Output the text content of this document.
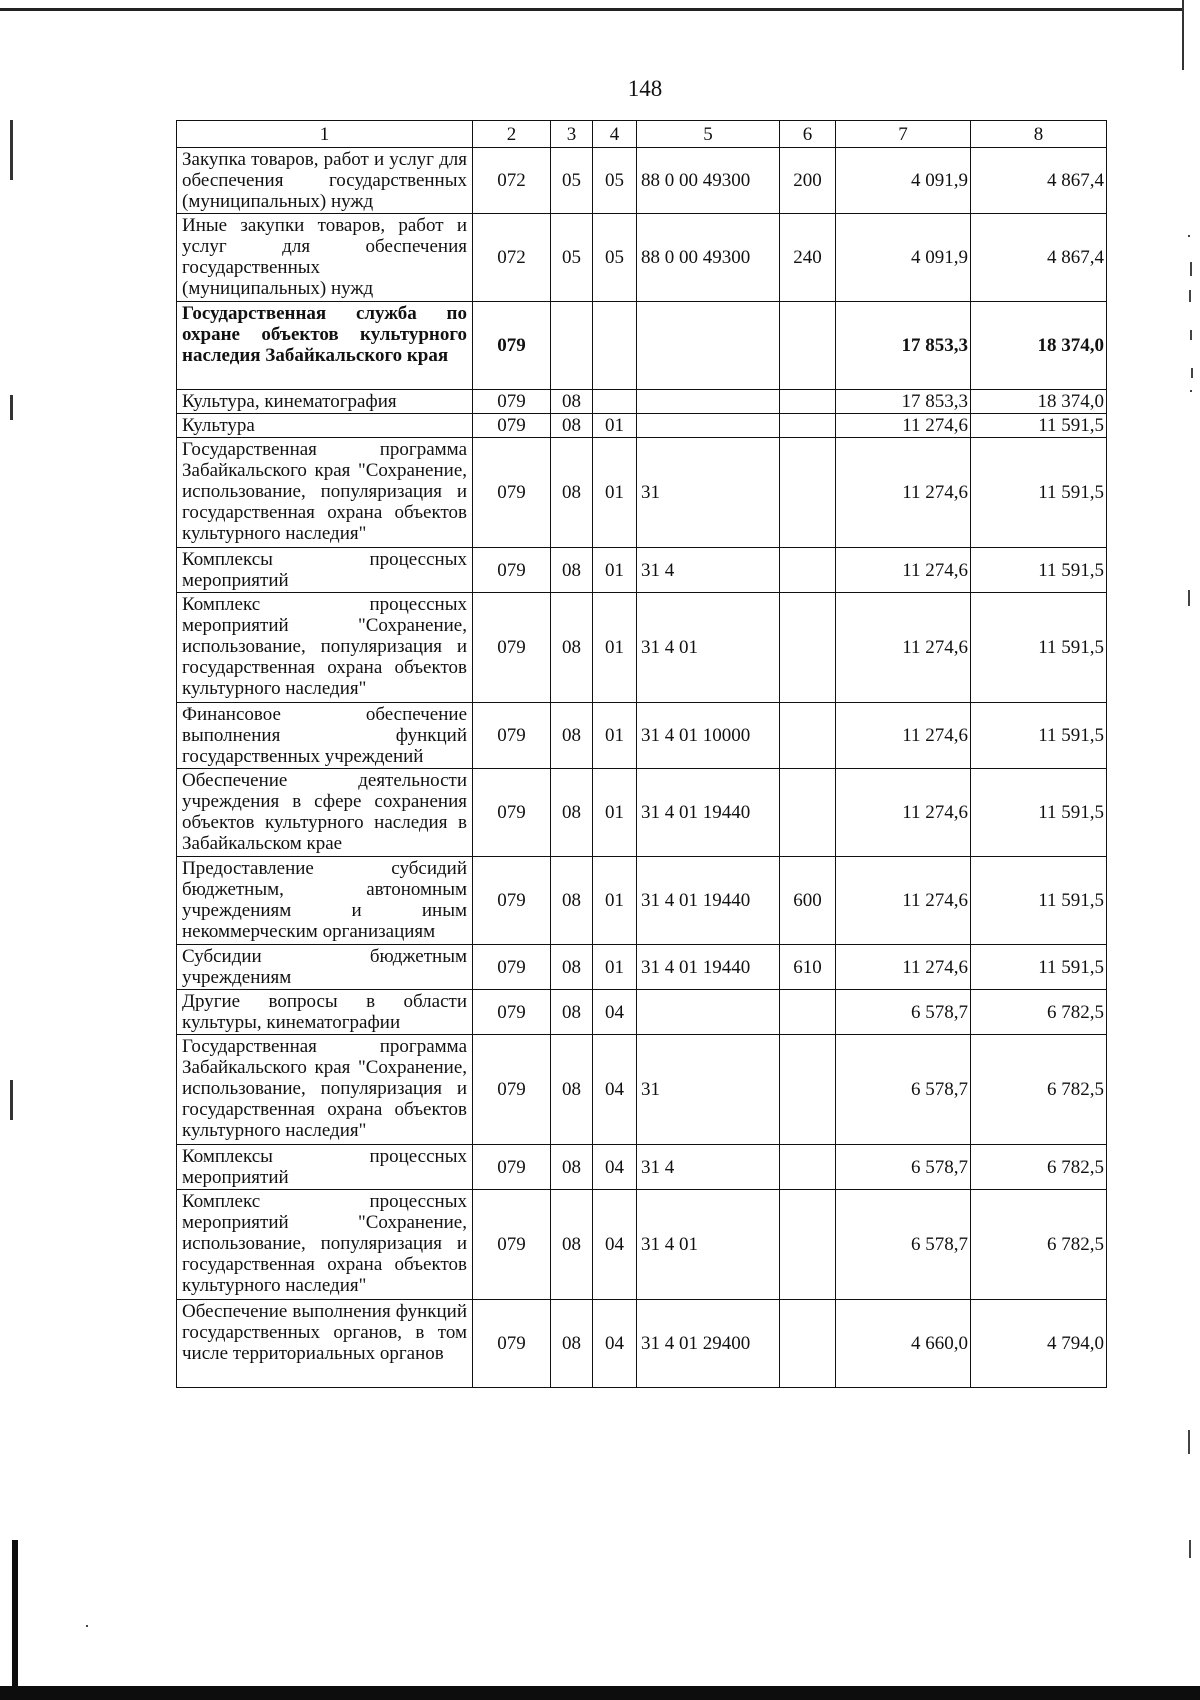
148
1	2	3	4	5	6	7	8
Закупка товаров, работ и услуг для обеспечения государственных (муниципальных) нужд	072	05	05	88 0 00 49300	200	4 091,9	4 867,4
Иные закупки товаров, работ и услуг для обеспечения государственных (муниципальных) нужд	072	05	05	88 0 00 49300	240	4 091,9	4 867,4
Государственная служба по охране объектов культурного наследия Забайкальского края	079					17 853,3	18 374,0
Культура, кинематография	079	08				17 853,3	18 374,0
Культура	079	08	01			11 274,6	11 591,5
Государственная программа Забайкальского края "Сохранение, использование, популяризация и государственная охрана объектов культурного наследия"	079	08	01	31		11 274,6	11 591,5
Комплексы процессных мероприятий	079	08	01	31 4		11 274,6	11 591,5
Комплекс процессных мероприятий "Сохранение, использование, популяризация и государственная охрана объектов культурного наследия"	079	08	01	31 4 01		11 274,6	11 591,5
Финансовое обеспечение выполнения функций государственных учреждений	079	08	01	31 4 01 10000		11 274,6	11 591,5
Обеспечение деятельности учреждения в сфере сохранения объектов культурного наследия в Забайкальском крае	079	08	01	31 4 01 19440		11 274,6	11 591,5
Предоставление субсидий бюджетным, автономным учреждениям и иным некоммерческим организациям	079	08	01	31 4 01 19440	600	11 274,6	11 591,5
Субсидии бюджетным учреждениям	079	08	01	31 4 01 19440	610	11 274,6	11 591,5
Другие вопросы в области культуры, кинематографии	079	08	04			6 578,7	6 782,5
Государственная программа Забайкальского края "Сохранение, использование, популяризация и государственная охрана объектов культурного наследия"	079	08	04	31		6 578,7	6 782,5
Комплексы процессных мероприятий	079	08	04	31 4		6 578,7	6 782,5
Комплекс процессных мероприятий "Сохранение, использование, популяризация и государственная охрана объектов культурного наследия"	079	08	04	31 4 01		6 578,7	6 782,5
Обеспечение выполнения функций государственных органов, в том числе территориальных органов	079	08	04	31 4 01 29400		4 660,0	4 794,0
